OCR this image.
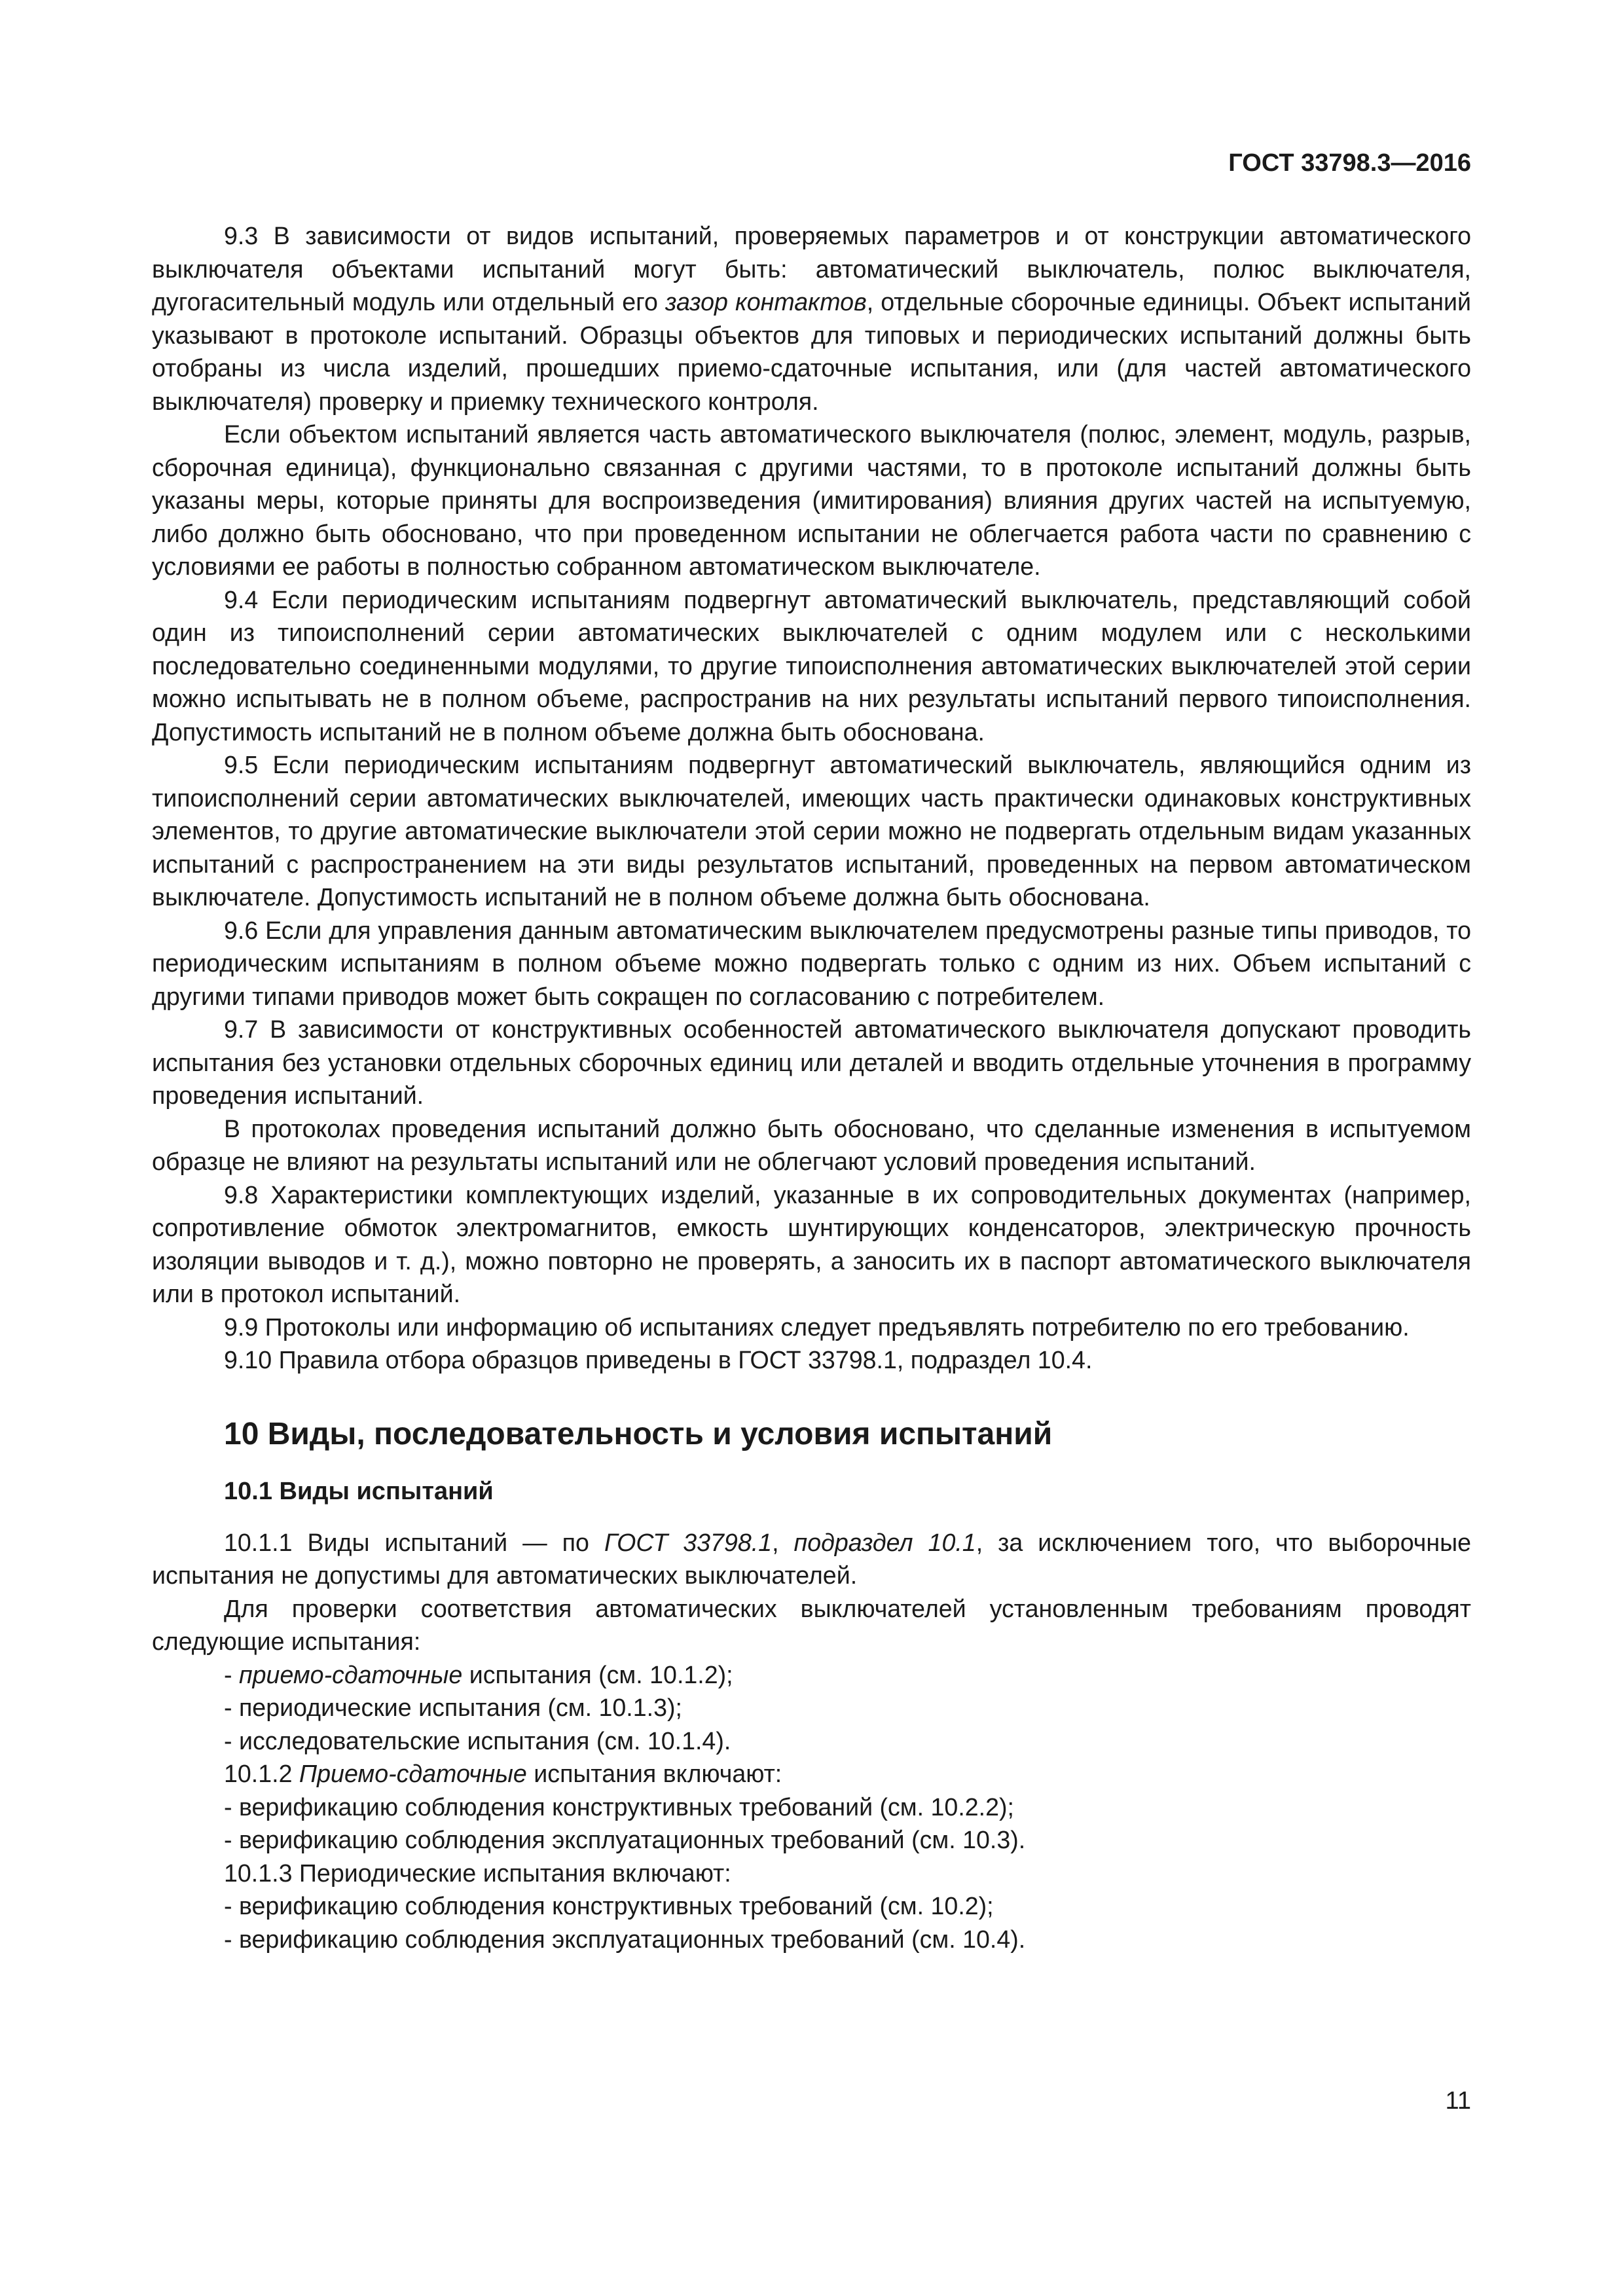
ГОСТ 33798.3—2016

9.3 В зависимости от видов испытаний, проверяемых параметров и от конструкции автоматического выключателя объектами испытаний могут быть: автоматический выключатель, полюс выключателя, дугогасительный модуль или отдельный его зазор контактов, отдельные сборочные единицы. Объект испытаний указывают в протоколе испытаний. Образцы объектов для типовых и периодических испытаний должны быть отобраны из числа изделий, прошедших приемо-сдаточные испытания, или (для частей автоматического выключателя) проверку и приемку технического контроля.

Если объектом испытаний является часть автоматического выключателя (полюс, элемент, модуль, разрыв, сборочная единица), функционально связанная с другими частями, то в протоколе испытаний должны быть указаны меры, которые приняты для воспроизведения (имитирования) влияния других частей на испытуемую, либо должно быть обосновано, что при проведенном испытании не облегчается работа части по сравнению с условиями ее работы в полностью собранном автоматическом выключателе.

9.4 Если периодическим испытаниям подвергнут автоматический выключатель, представляющий собой один из типоисполнений серии автоматических выключателей с одним модулем или с несколькими последовательно соединенными модулями, то другие типоисполнения автоматических выключателей этой серии можно испытывать не в полном объеме, распространив на них результаты испытаний первого типоисполнения. Допустимость испытаний не в полном объеме должна быть обоснована.

9.5 Если периодическим испытаниям подвергнут автоматический выключатель, являющийся одним из типоисполнений серии автоматических выключателей, имеющих часть практически одинаковых конструктивных элементов, то другие автоматические выключатели этой серии можно не подвергать отдельным видам указанных испытаний с распространением на эти виды результатов испытаний, проведенных на первом автоматическом выключателе. Допустимость испытаний не в полном объеме должна быть обоснована.

9.6 Если для управления данным автоматическим выключателем предусмотрены разные типы приводов, то периодическим испытаниям в полном объеме можно подвергать только с одним из них. Объем испытаний с другими типами приводов может быть сокращен по согласованию с потребителем.

9.7 В зависимости от конструктивных особенностей автоматического выключателя допускают проводить испытания без установки отдельных сборочных единиц или деталей и вводить отдельные уточнения в программу проведения испытаний.

В протоколах проведения испытаний должно быть обосновано, что сделанные изменения в испытуемом образце не влияют на результаты испытаний или не облегчают условий проведения испытаний.

9.8 Характеристики комплектующих изделий, указанные в их сопроводительных документах (например, сопротивление обмоток электромагнитов, емкость шунтирующих конденсаторов, электрическую прочность изоляции выводов и т. д.), можно повторно не проверять, а заносить их в паспорт автоматического выключателя или в протокол испытаний.

9.9 Протоколы или информацию об испытаниях следует предъявлять потребителю по его требованию.

9.10 Правила отбора образцов приведены в ГОСТ 33798.1, подраздел 10.4.

10 Виды, последовательность и условия испытаний
10.1 Виды испытаний

10.1.1 Виды испытаний — по ГОСТ 33798.1, подраздел 10.1, за исключением того, что выборочные испытания не допустимы для автоматических выключателей.

Для проверки соответствия автоматических выключателей установленным требованиям проводят следующие испытания:

- приемо-сдаточные испытания (см. 10.1.2);
- периодические испытания (см. 10.1.3);
- исследовательские испытания (см. 10.1.4).

10.1.2 Приемо-сдаточные испытания включают:

- верификацию соблюдения конструктивных требований (см. 10.2.2);
- верификацию соблюдения эксплуатационных требований (см. 10.3).

10.1.3 Периодические испытания включают:

- верификацию соблюдения конструктивных требований (см. 10.2);
- верификацию соблюдения эксплуатационных требований (см. 10.4).
11
